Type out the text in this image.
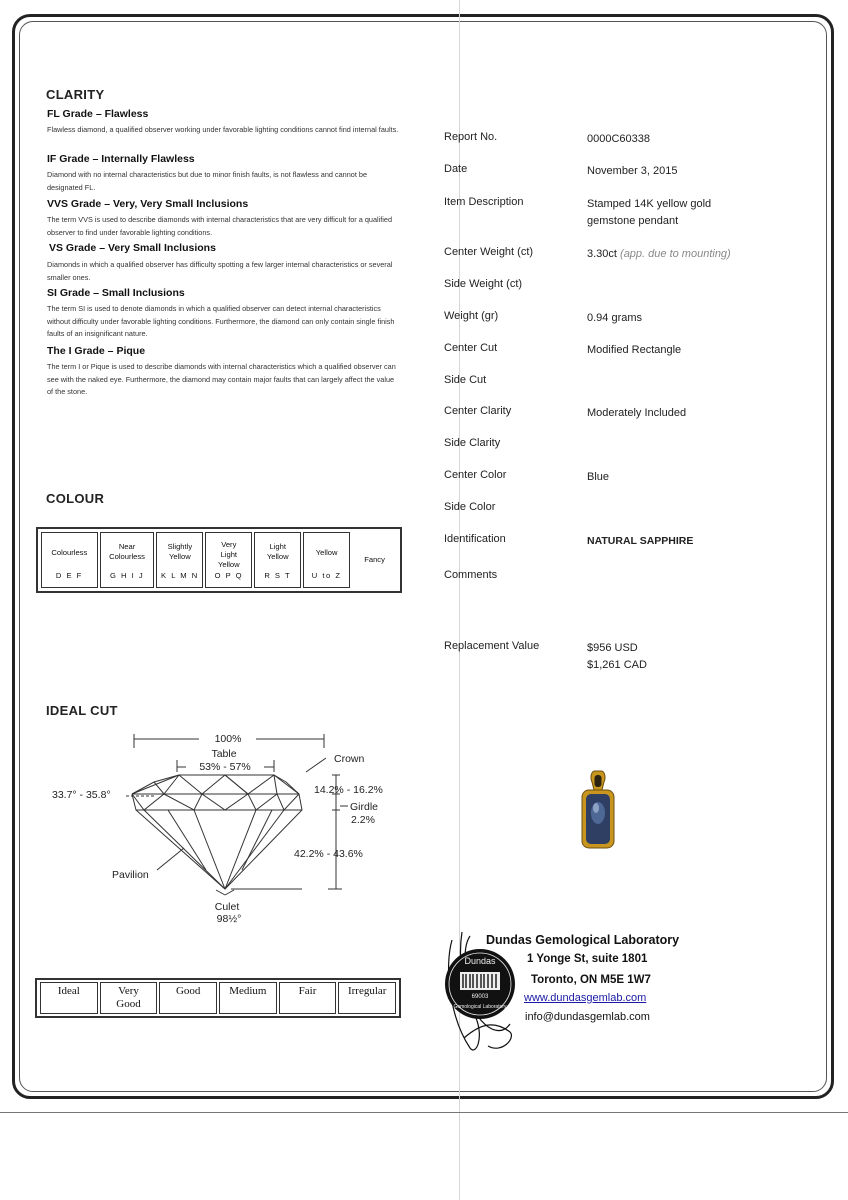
CLARITY
FL Grade – Flawless
Flawless diamond, a qualified observer working under favorable lighting conditions cannot find internal faults.
IF Grade – Internally Flawless
Diamond with no internal characteristics but due to minor finish faults, is not flawless and cannot be designated FL.
VVS Grade – Very, Very Small Inclusions
The term VVS is used to describe diamonds with internal characteristics that are very difficult for a qualified observer to find under favorable lighting conditions.
VS Grade – Very Small Inclusions
Diamonds in which a qualified observer has difficulty spotting a few larger internal characteristics or several smaller ones.
SI Grade – Small Inclusions
The term SI is used to denote diamonds in which a qualified observer can detect internal characteristics without difficulty under favorable lighting conditions. Furthermore, the diamond can only contain single finish faults of an insignificant nature.
The I Grade – Pique
The term I or Pique is used to describe diamonds with internal characteristics which a qualified observer can see with the naked eye. Furthermore, the diamond may contain major faults that can largely affect the value of the stone.
COLOUR
Colourless
D E F
Near
Colourless
G H I J
Slightly
Yellow
K L M N
Very
Light
Yellow
O P Q
Light
Yellow
R S T
Yellow
U to Z
Fancy
IDEAL CUT
100%
Table
53% - 57%
Crown
33.7° - 35.8°	14.2% - 16.2%
Girdle
2.2%
42.2% - 43.6%
Pavilion
Culet
98½°
Ideal	Very
Good
Good	Medium	Fair	Irregular
Report No.	0000C60338
Date	November 3, 2015
Item Description	Stamped 14K yellow gold
gemstone pendant
Center Weight (ct)	3.30ct (app. due to mounting)
Side Weight (ct)
Weight (gr)	0.94 grams
Center Cut	Modified Rectangle
Side Cut
Center Clarity	Moderately Included
Side Clarity
Center Color	Blue
Side Color
Identification	NATURAL SAPPHIRE
Comments
Replacement Value	$956 USD
$1,261 CAD
Dundas
69003
Gemological Laboratory
Dundas Gemological Laboratory
1 Yonge St, suite 1801
Toronto, ON M5E 1W7
www.dundasgemlab.com
info@dundasgemlab.com
